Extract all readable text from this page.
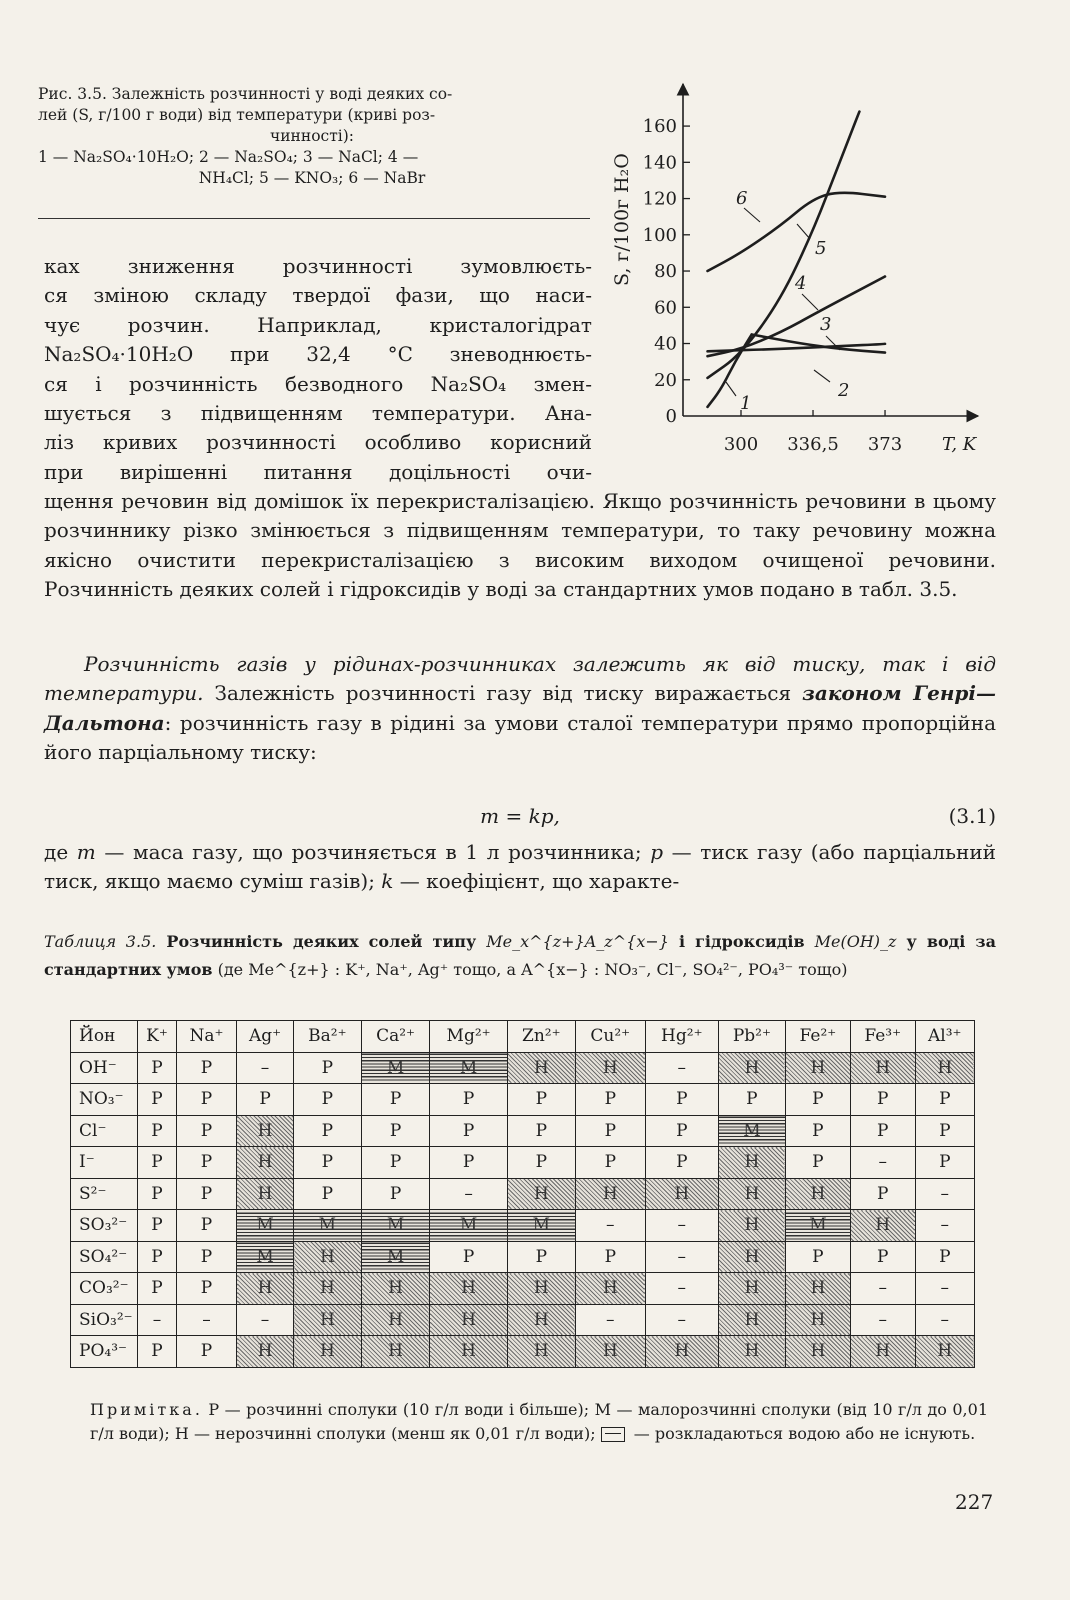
Рис. 3.5. Залежність розчинності у воді деяких со-
лей (S, г/100 г води) від температури (криві роз-
чинності):
1 — Na₂SO₄·10H₂O; 2 — Na₂SO₄; 3 — NaCl; 4 —
NH₄Cl; 5 — KNO₃; 6 — NaBr
0
20
40
60
80
100
120
140
160
300 336,5 373 T, K
S, г/100г H₂O
1
2
3
4
5
6
ках зниження розчинності зумовлюєть-
ся зміною складу твердої фази, що наси-
чує розчин. Наприклад, кристалогідрат
Na₂SO₄·10H₂O при 32,4 °С зневоднюєть-
ся і розчинність безводного Na₂SO₄ змен-
шується з підвищенням температури. Ана-
ліз кривих розчинності особливо корисний
при вирішенні питання доцільності очи-
щення речовин від домішок їх перекристалізацією. Якщо розчинність речовини в цьому розчиннику різко змінюється з підвищенням температури, то таку речовину можна якісно очистити перекристалізацією з високим виходом очищеної речовини. Розчинність деяких солей і гідроксидів у воді за стандартних умов подано в табл. 3.5.
Розчинність газів у рідинах-розчинниках залежить як від тиску, так і від температури. Залежність розчинності газу від тиску виражається законом Генрі—Дальтона: розчинність газу в рідині за умови сталої температури прямо пропорційна його парціальному тиску:
m = kp,	(3.1)
де m — маса газу, що розчиняється в 1 л розчинника; p — тиск газу (або парціальний тиск, якщо маємо суміш газів); k — коефіцієнт, що характе-
Таблиця 3.5. Розчинність деяких солей типу Me_x^{z+}A_z^{x−} і гідроксидів Me(OH)_z у воді за стандартних умов (де Me^{z+} : K⁺, Na⁺, Ag⁺ тощо, а A^{x−} : NO₃⁻, Cl⁻, SO₄²⁻, PO₄³⁻ тощо)
Йон	K⁺	Na⁺	Ag⁺	Ba²⁺	Ca²⁺	Mg²⁺	Zn²⁺	Cu²⁺	Hg²⁺	Pb²⁺	Fe²⁺	Fe³⁺	Al³⁺
OH⁻	Р	Р	–	Р	М	М	Н	Н	–	Н	Н	Н	Н
NO₃⁻	Р	Р	Р	Р	Р	Р	Р	Р	Р	Р	Р	Р	Р
Cl⁻	Р	Р	Н	Р	Р	Р	Р	Р	Р	М	Р	Р	Р
I⁻	Р	Р	Н	Р	Р	Р	Р	Р	Р	Н	Р	–	Р
S²⁻	Р	Р	Н	Р	Р	–	Н	Н	Н	Н	Н	Р	–
SO₃²⁻	Р	Р	М	М	М	М	М	–	–	Н	М	Н	–
SO₄²⁻	Р	Р	М	Н	М	Р	Р	Р	–	Н	Р	Р	Р
CO₃²⁻	Р	Р	Н	Н	Н	Н	Н	Н	–	Н	Н	–	–
SiO₃²⁻	–	–	–	Н	Н	Н	Н	–	–	Н	Н	–	–
PO₄³⁻	Р	Р	Н	Н	Н	Н	Н	Н	Н	Н	Н	Н	Н
Примітка. Р — розчинні сполуки (10 г/л води і більше); М — малорозчинні сполуки (від 10 г/л до 0,01 г/л води); Н — нерозчинні сполуки (менш як 0,01 г/л води);  — розкладаються водою або не існують.
227
